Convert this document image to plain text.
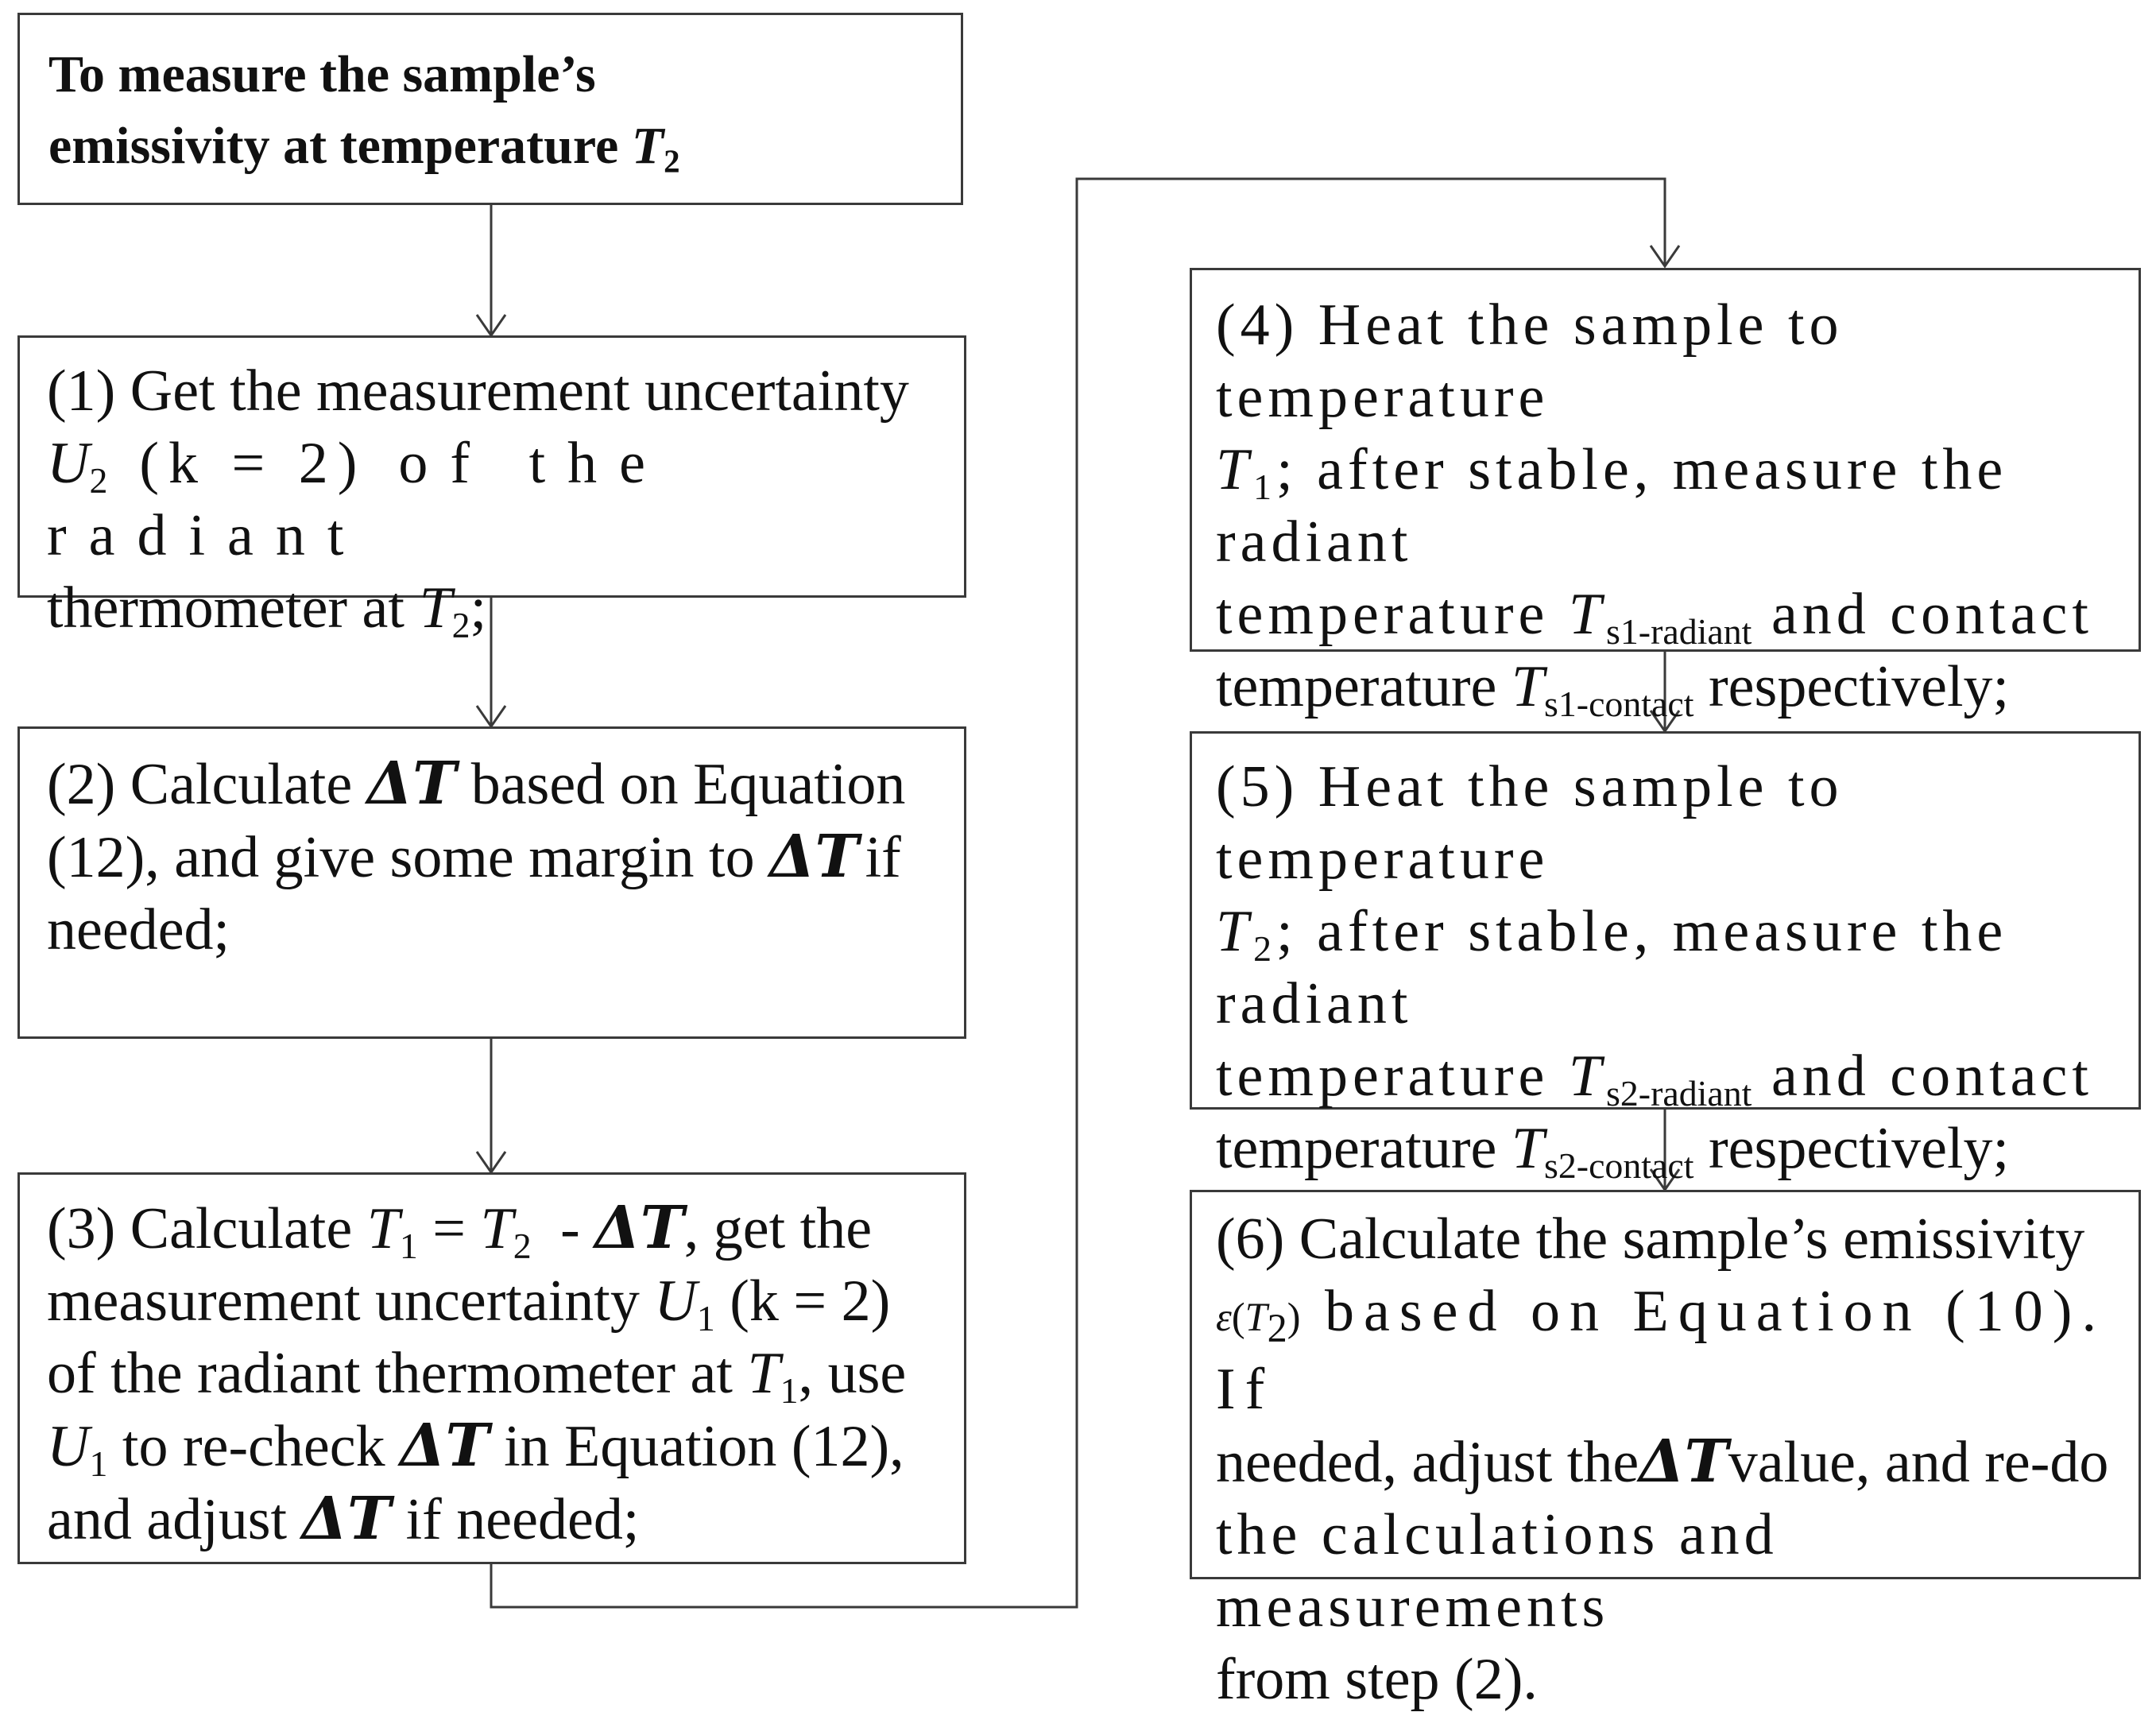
To measure the sample’s
emissivity at temperature $T_2$
(1) Get the measurement uncertainty
$U_2$ (k = 2) of the radiant
thermometer at $T_2$;
(2) Calculate ΔT based on Equation
(12), and give some margin to ΔT if
needed;
(3) Calculate $T_1 = T_2 - \Delta T$, get the
measurement uncertainty $U_1$ (k = 2)
of the radiant thermometer at $T_1$, use
$U_1$ to re-check ΔT in Equation (12),
and adjust ΔT if needed;
(4) Heat the sample to temperature
$T_1$; after stable, measure the radiant
temperature $T_{s1-radiant}$ and contact
temperature $T_{s1-contact}$ respectively;
(5) Heat the sample to temperature
$T_2$; after stable, measure the radiant
temperature $T_{s2-radiant}$ and contact
temperature $T_{s2-contact}$ respectively;
(6) Calculate the sample’s emissivity
$\varepsilon(T_2)$ based on Equation (10). If
needed, adjust theΔTvalue, and re-do
the calculations and measurements
from step (2).
